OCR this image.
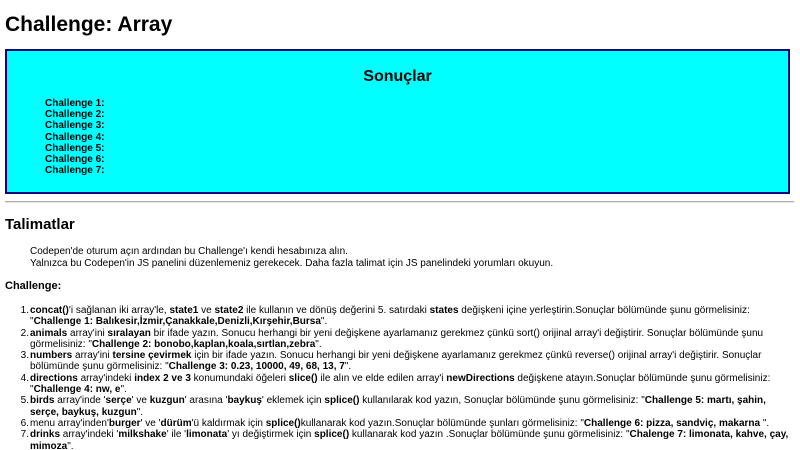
Challenge: Array
Sonuçlar
Challenge 1:
Challenge 2:
Challenge 3:
Challenge 4:
Challenge 5:
Challenge 6:
Challenge 7:
Talimatlar
Codepen'de oturum açın ardından bu Challenge'ı kendi hesabınıza alın.
Yalnızca bu Codepen'in JS panelini düzenlemeniz gerekecek. Daha fazla talimat için JS panelindeki yorumları okuyun.
Challenge:
1. concat()'i sağlanan iki array'le, state1 ve state2 ile kullanın ve dönüş değerini 5. satırdaki states değişkeni içine yerleştirin.Sonuçlar bölümünde şunu görmelisiniz: "Challenge 1: Balıkesir,İzmir,Çanakkale,Denizli,Kırşehir,Bursa".
2. animals array'ini sıralayan bir ifade yazın. Sonucu herhangi bir yeni değişkene ayarlamanız gerekmez çünkü sort() orijinal array'i değiştirir. Sonuçlar bölümünde şunu görmelisiniz: "Challenge 2: bonobo,kaplan,koala,sırtlan,zebra".
3. numbers array'ini tersine çevirmek için bir ifade yazın. Sonucu herhangi bir yeni değişkene ayarlamanız gerekmez çünkü reverse() orijinal array'i değiştirir. Sonuçlar bölümünde şunu görmelisiniz: "Challenge 3: 0.23, 10000, 49, 68, 13, 7".
4. directions array'indeki index 2 ve 3 konumundaki öğeleri slice() ile alın ve elde edilen array'i newDirections değişkene atayın.Sonuçlar bölümünde şunu görmelisiniz: "Challenge 4: nw, e".
5. birds array'inde 'serçe' ve kuzgun' arasına 'baykuş' eklemek için splice() kullanılarak kod yazın, Sonuçlar bölümünde şunu görmelisiniz: "Challenge 5: martı, şahin, serçe, baykuş, kuzgun".
6. menu array'inden'burger' ve 'dürüm'ü kaldırmak için splice()kullanarak kod yazın.Sonuçlar bölümünde şunları görmelisiniz: "Challenge 6: pizza, sandviç, makarna ".
7. drinks array'indeki 'milkshake' ile 'limonata' yı değiştirmek için splice() kullanarak kod yazın .Sonuçlar bölümünde şunu görmelisiniz: "Chalenge 7: limonata, kahve, çay, mimoza".
